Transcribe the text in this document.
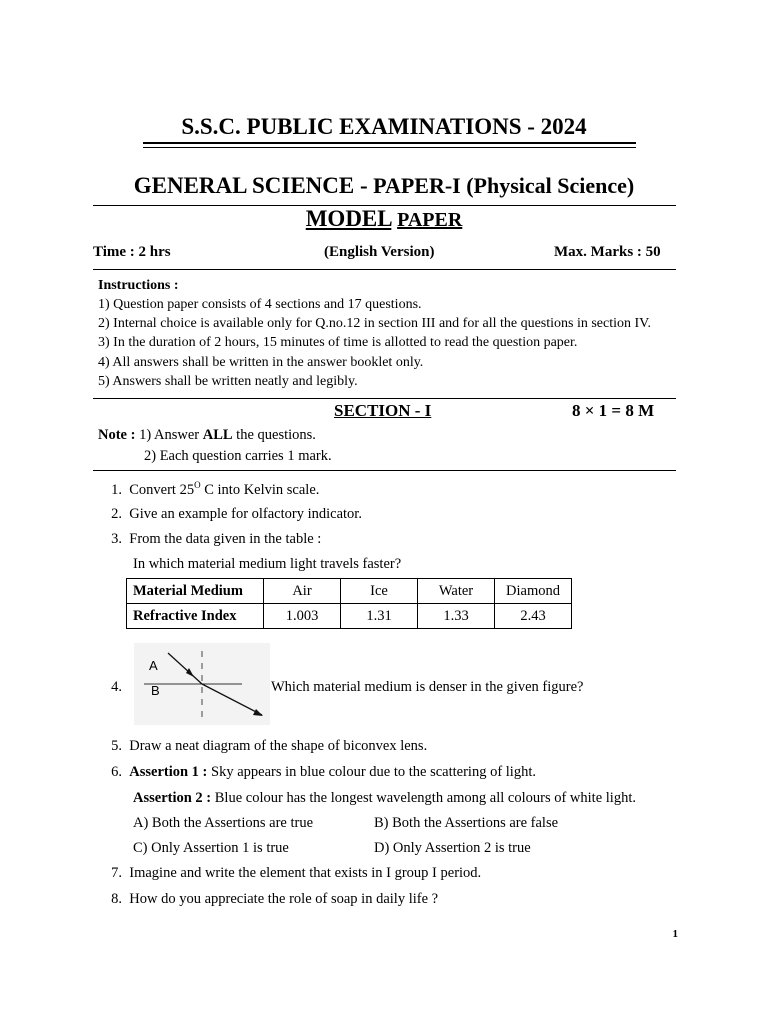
S.S.C. PUBLIC EXAMINATIONS - 2024
GENERAL SCIENCE - PAPER-I (Physical Science)
MODEL PAPER
Time : 2 hrs	(English Version)	Max. Marks : 50
Instructions :
1) Question paper consists of 4 sections and 17 questions.
2) Internal choice is available only for Q.no.12 in section III and for all the questions in section IV.
3) In the duration of 2 hours, 15 minutes of time is allotted to read the question paper.
4) All answers shall be written in the answer booklet only.
5) Answers shall be written neatly and legibly.
SECTION - I	8 × 1 = 8 M
Note : 1) Answer ALL the questions.
2) Each question carries 1 mark.
1. Convert $25^O$ C into Kelvin scale.
2. Give an example for olfactory indicator.
3. From the data given in the table :
In which material medium light travels faster?
Material Medium	Air	Ice	Water	Diamond
Refractive Index	1.003	1.31	1.33	2.43
4.
A
B	Which material medium is denser in the given figure?
5. Draw a neat diagram of the shape of biconvex lens.
6. Assertion 1 : Sky appears in blue colour due to the scattering of light.
Assertion 2 : Blue colour has the longest wavelength among all colours of white light.
A) Both the Assertions are true	B) Both the Assertions are false
C) Only Assertion 1 is true	D) Only Assertion 2 is true
7. Imagine and write the element that exists in I group I period.
8. How do you appreciate the role of soap in daily life ?
1
